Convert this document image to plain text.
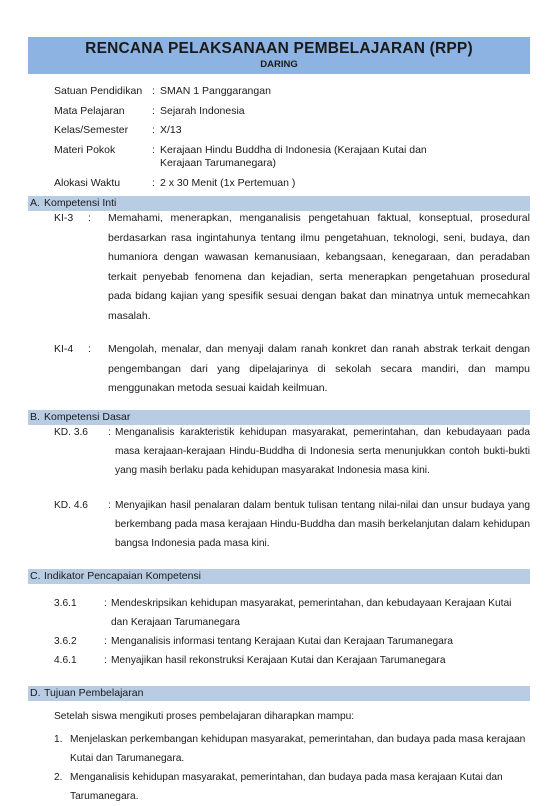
RENCANA PELAKSANAAN PEMBELAJARAN (RPP)
DARING
Satuan Pendidikan : SMAN 1 Panggarangan
Mata Pelajaran	: Sejarah Indonesia
Kelas/Semester	: X/13
Materi Pokok	: Kerajaan Hindu Buddha di Indonesia (Kerajaan Kutai dan Kerajaan Tarumanegara)
Alokasi Waktu	: 2 x 30 Menit (1x Pertemuan )
A. Kompetensi Inti
KI-3	:	Memahami, menerapkan, menganalisis pengetahuan faktual, konseptual, prosedural berdasarkan rasa ingintahunya tentang ilmu pengetahuan, teknologi, seni, budaya, dan humaniora dengan wawasan kemanusiaan, kebangsaan, kenegaraan, dan peradaban terkait penyebab fenomena dan kejadian, serta menerapkan pengetahuan prosedural pada bidang kajian yang spesifik sesuai dengan bakat dan minatnya untuk memecahkan masalah.
KI-4	:	Mengolah, menalar, dan menyaji dalam ranah konkret dan ranah abstrak terkait dengan pengembangan dari yang dipelajarinya di sekolah secara mandiri, dan mampu menggunakan metoda sesuai kaidah keilmuan.
B. Kompetensi Dasar
KD. 3.6	: Menganalisis karakteristik kehidupan masyarakat, pemerintahan, dan kebudayaan pada masa kerajaan-kerajaan Hindu-Buddha di Indonesia serta menunjukkan contoh bukti-bukti yang masih berlaku pada kehidupan masyarakat Indonesia masa kini.
KD. 4.6	: Menyajikan hasil penalaran dalam bentuk tulisan tentang nilai-nilai dan unsur budaya yang berkembang pada masa kerajaan Hindu-Buddha dan masih berkelanjutan dalam kehidupan bangsa Indonesia pada masa kini.
C. Indikator Pencapaian Kompetensi
3.6.1	: Mendeskripsikan kehidupan masyarakat, pemerintahan, dan kebudayaan Kerajaan Kutai dan Kerajaan Tarumanegara
3.6.2	: Menganalisis informasi tentang Kerajaan Kutai dan Kerajaan Tarumanegara
4.6.1	: Menyajikan hasil rekonstruksi Kerajaan Kutai dan Kerajaan Tarumanegara
D. Tujuan Pembelajaran
Setelah siswa mengikuti proses pembelajaran diharapkan mampu:
1. Menjelaskan perkembangan kehidupan masyarakat, pemerintahan, dan budaya pada masa kerajaan Kutai dan Tarumanegara.
2. Menganalisis kehidupan masyarakat, pemerintahan, dan budaya pada masa kerajaan Kutai dan Tarumanegara.
